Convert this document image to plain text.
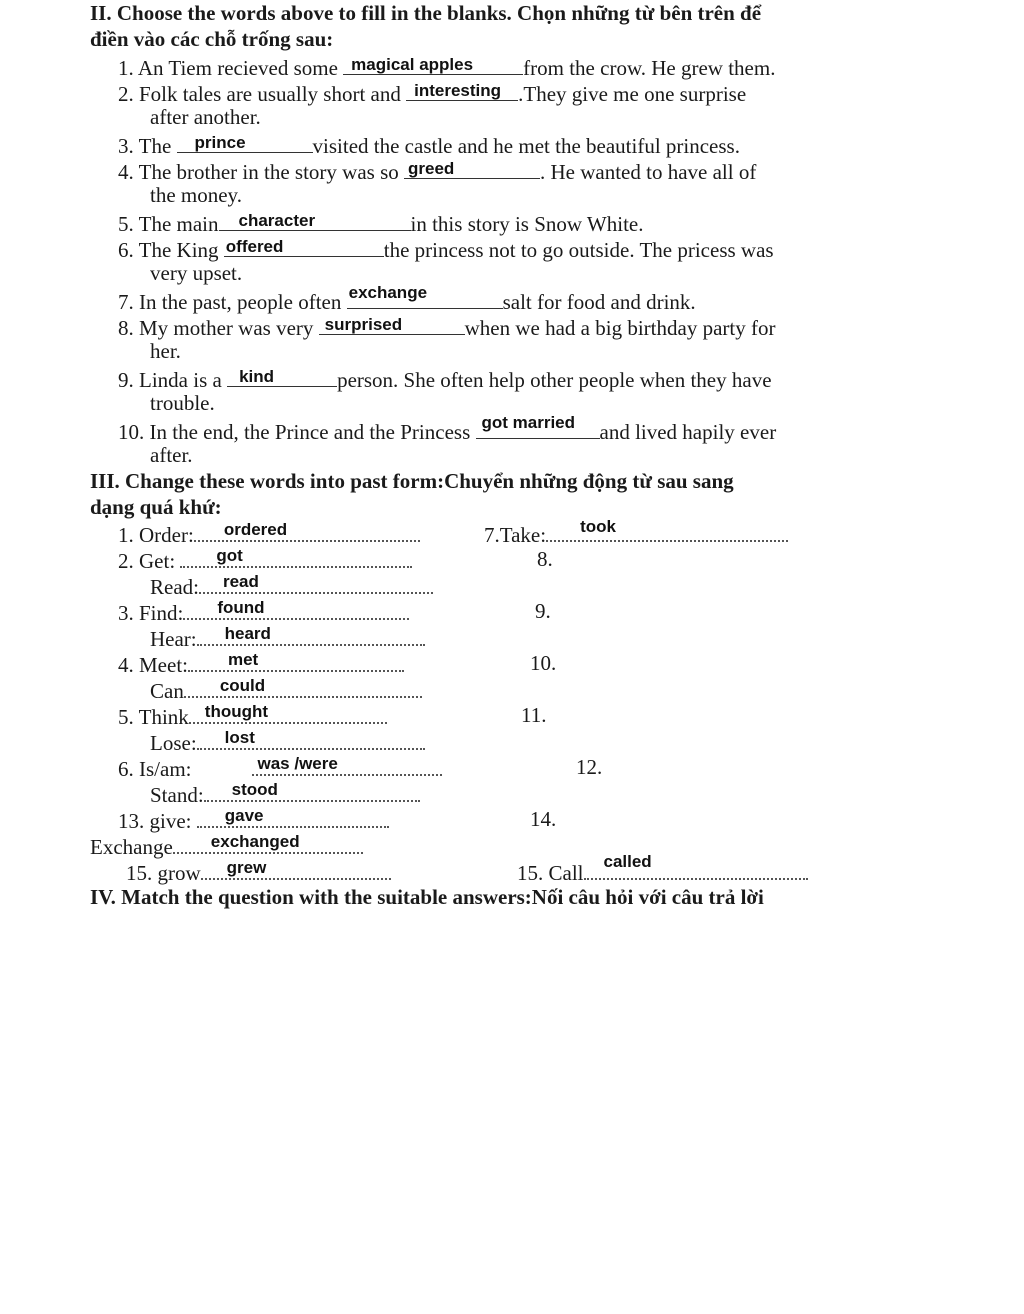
II. Choose the words above to fill in the blanks. Chọn những từ bên trên để
điền vào các chỗ trống sau:
1. An Tiem recieved some magical apples from the crow. He grew them.
2. Folk tales are usually short and interesting .They give me one surprise
after another.
3. The prince	visited the castle and he met the beautiful princess.
4. The brother in the story was so greed	. He wanted to have all of
the money.
5. The main character	in this story is Snow White.
6. The King offered	the princess not to go outside. The pricess was
very upset.
7. In the past, people often exchange	salt for food and drink.
8. My mother was very surprised	when we had a big birthday party for
her.
9. Linda is a kind	person. She often help other people when they have
trouble.
10. In the end, the Prince and the Princess got married and lived hapily ever
after.
III. Change these words into past form:Chuyển những động từ sau sang
dạng quá khứ:
1. Order: ordered
2. Get: got
Read: read
3. Find: found
Hear: heard
4. Meet: met
Can could
5. Think thought
Lose: lost
6. Is/am:	was /were
Stand: stood
13. give: gave
Exchange exchanged
15. grow grew
7.Take: took
8.
9.
10.
11.
12.
14.
15. Call called
IV. Match the question with the suitable answers:Nối câu hỏi với câu trả lời
